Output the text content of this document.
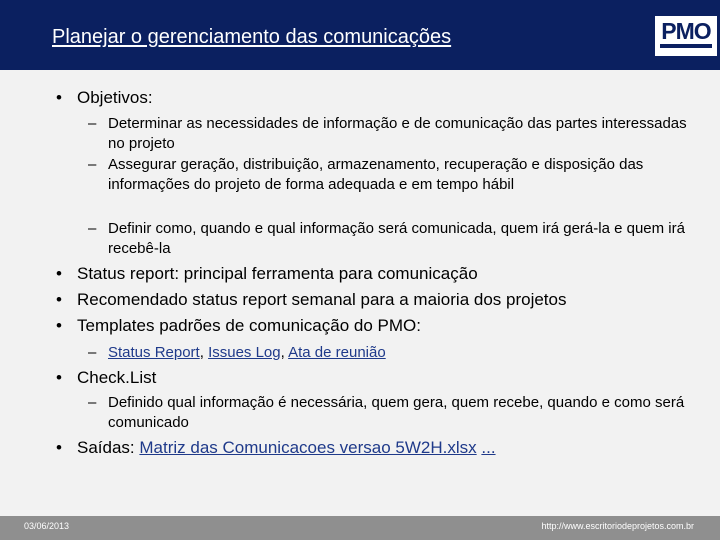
Planejar o gerenciamento das comunicações	PMO
• Objetivos:
– Determinar as necessidades de informação e de comunicação das partes interessadas no projeto
– Assegurar geração, distribuição, armazenamento, recuperação e disposição das informações do projeto de forma adequada e em tempo hábil
– Definir como, quando e qual informação será comunicada, quem irá gerá-la e quem irá recebê-la
• Status report: principal ferramenta para comunicação
• Recomendado status report semanal para a maioria dos projetos
• Templates padrões de comunicação do PMO:
– Status Report, Issues Log, Ata de reunião
• Check.List
– Definido qual informação é necessária, quem gera, quem recebe, quando e como será comunicado
• Saídas: Matriz das Comunicacoes versao 5W2H.xlsx ...
03/06/2013	http://www.escritoriodeprojetos.com.br
